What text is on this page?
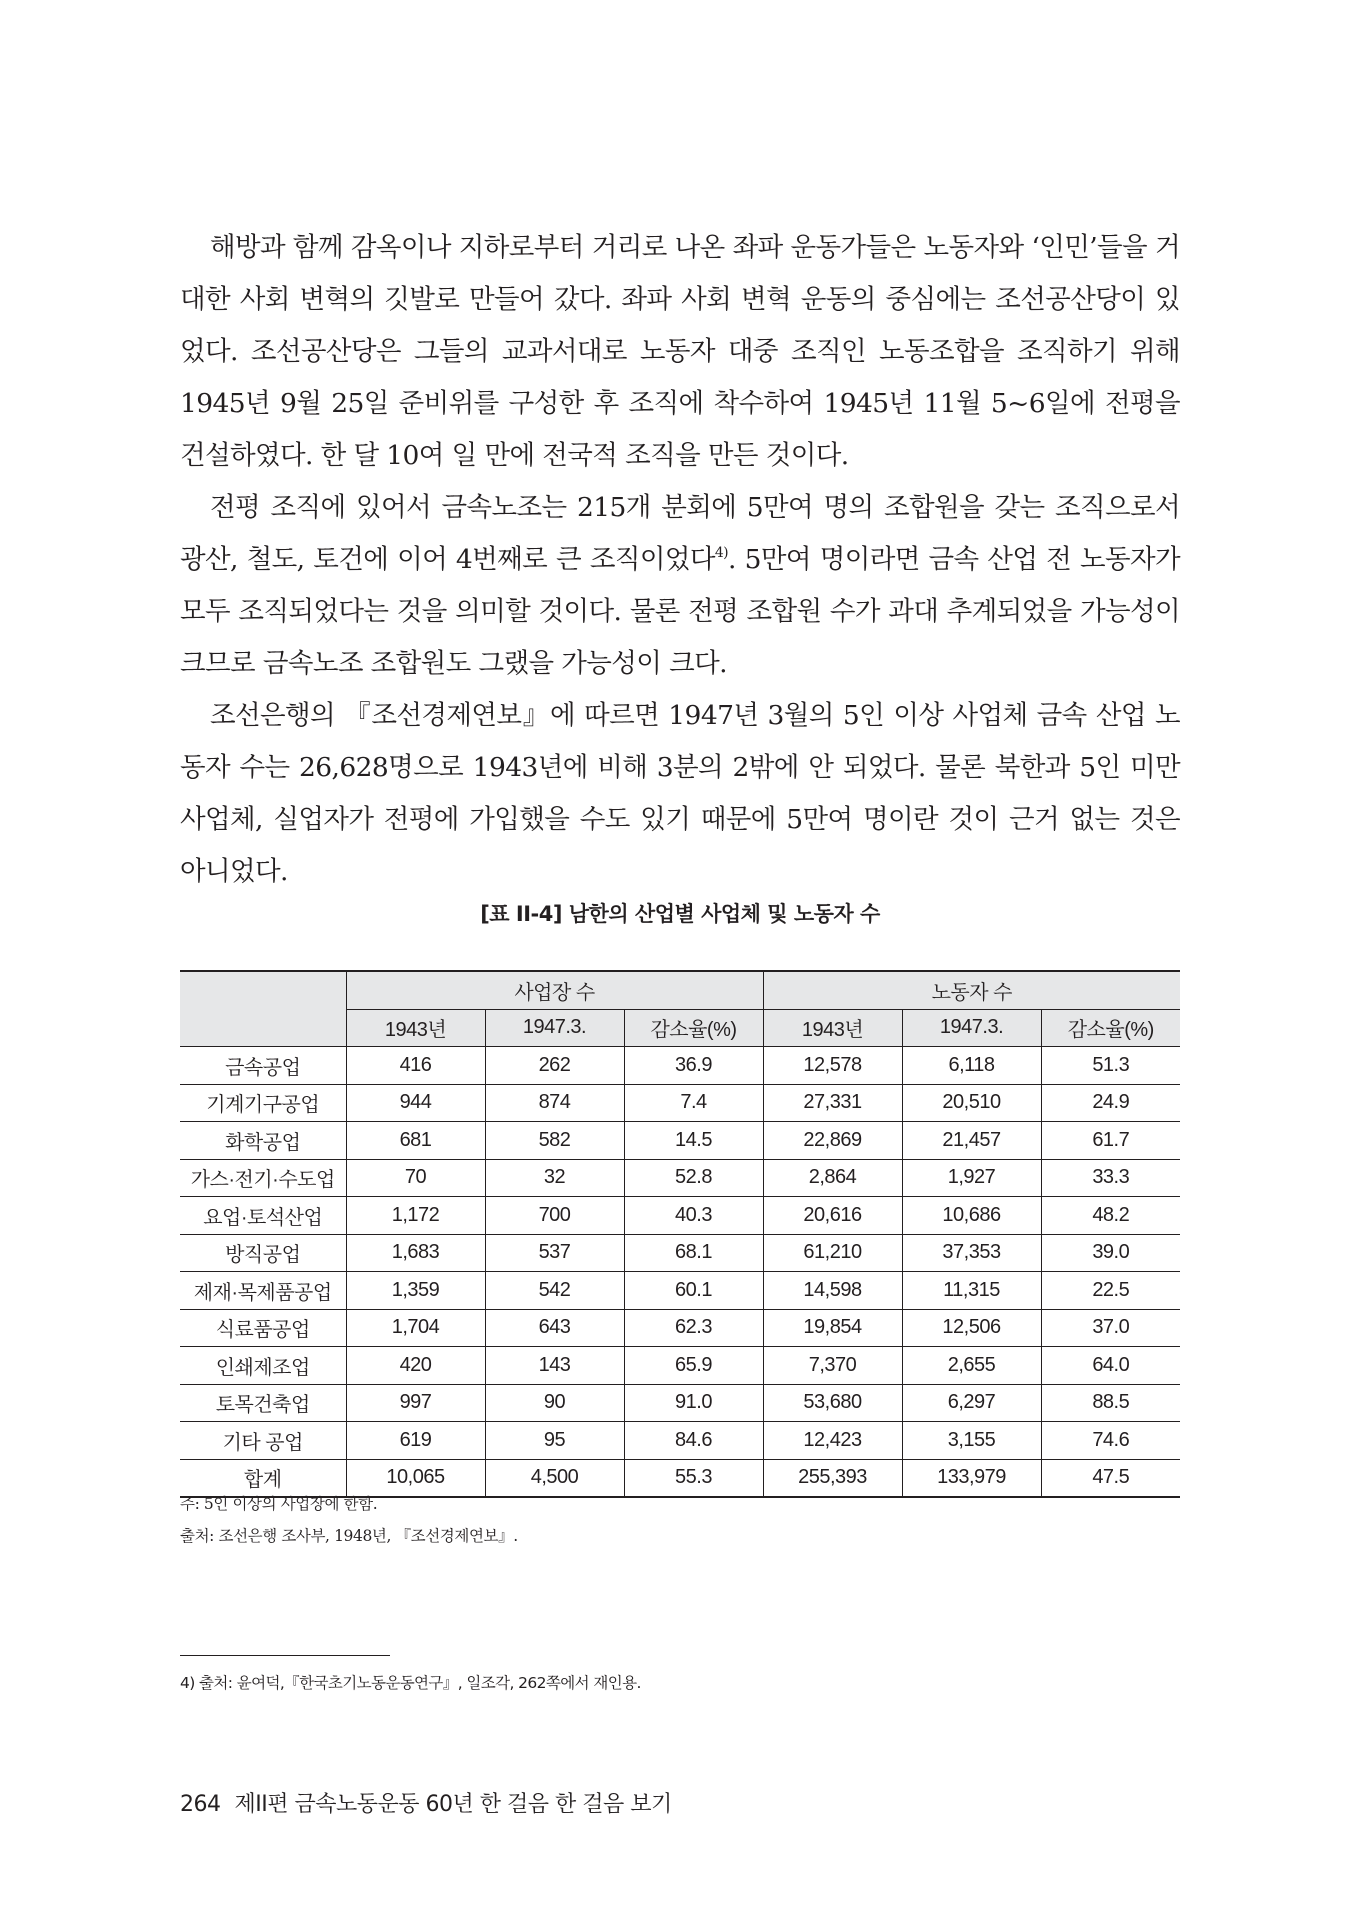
해방과 함께 감옥이나 지하로부터 거리로 나온 좌파 운동가들은 노동자와 ‘인민’들을 거대한 사회 변혁의 깃발로 만들어 갔다. 좌파 사회 변혁 운동의 중심에는 조선공산당이 있었다. 조선공산당은 그들의 교과서대로 노동자 대중 조직인 노동조합을 조직하기 위해 1945년 9월 25일 준비위를 구성한 후 조직에 착수하여 1945년 11월 5~6일에 전평을 건설하였다. 한 달 10여 일 만에 전국적 조직을 만든 것이다.

전평 조직에 있어서 금속노조는 215개 분회에 5만여 명의 조합원을 갖는 조직으로서 광산, 철도, 토건에 이어 4번째로 큰 조직이었다$^{4)}$. 5만여 명이라면 금속 산업 전 노동자가 모두 조직되었다는 것을 의미할 것이다. 물론 전평 조합원 수가 과대 추계되었을 가능성이 크므로 금속노조 조합원도 그랬을 가능성이 크다.

조선은행의 『조선경제연보』에 따르면 1947년 3월의 5인 이상 사업체 금속 산업 노동자 수는 26,628명으로 1943년에 비해 3분의 2밖에 안 되었다. 물론 북한과 5인 미만 사업체, 실업자가 전평에 가입했을 수도 있기 때문에 5만여 명이란 것이 근거 없는 것은 아니었다.

[표 II-4] 남한의 산업별 사업체 및 노동자 수
	사업장 수			노동자 수		
	1943년	1947.3.	감소율(%)	1943년	1947.3.	감소율(%)
금속공업	416	262	36.9	12,578	6,118	51.3
기계기구공업	944	874	7.4	27,331	20,510	24.9
화학공업	681	582	14.5	22,869	21,457	61.7
가스·전기·수도업	70	32	52.8	2,864	1,927	33.3
요업·토석산업	1,172	700	40.3	20,616	10,686	48.2
방직공업	1,683	537	68.1	61,210	37,353	39.0
제재·목제품공업	1,359	542	60.1	14,598	11,315	22.5
식료품공업	1,704	643	62.3	19,854	12,506	37.0
인쇄제조업	420	143	65.9	7,370	2,655	64.0
토목건축업	997	90	91.0	53,680	6,297	88.5
기타 공업	619	95	84.6	12,423	3,155	74.6
합계	10,065	4,500	55.3	255,393	133,979	47.5
주: 5인 이상의 사업장에 한함.
출처: 조선은행 조사부, 1948년, 『조선경제연보』.
4) 출처: 윤여덕,『한국초기노동운동연구』, 일조각, 262쪽에서 재인용.
264 제II편 금속노동운동 60년 한 걸음 한 걸음 보기
